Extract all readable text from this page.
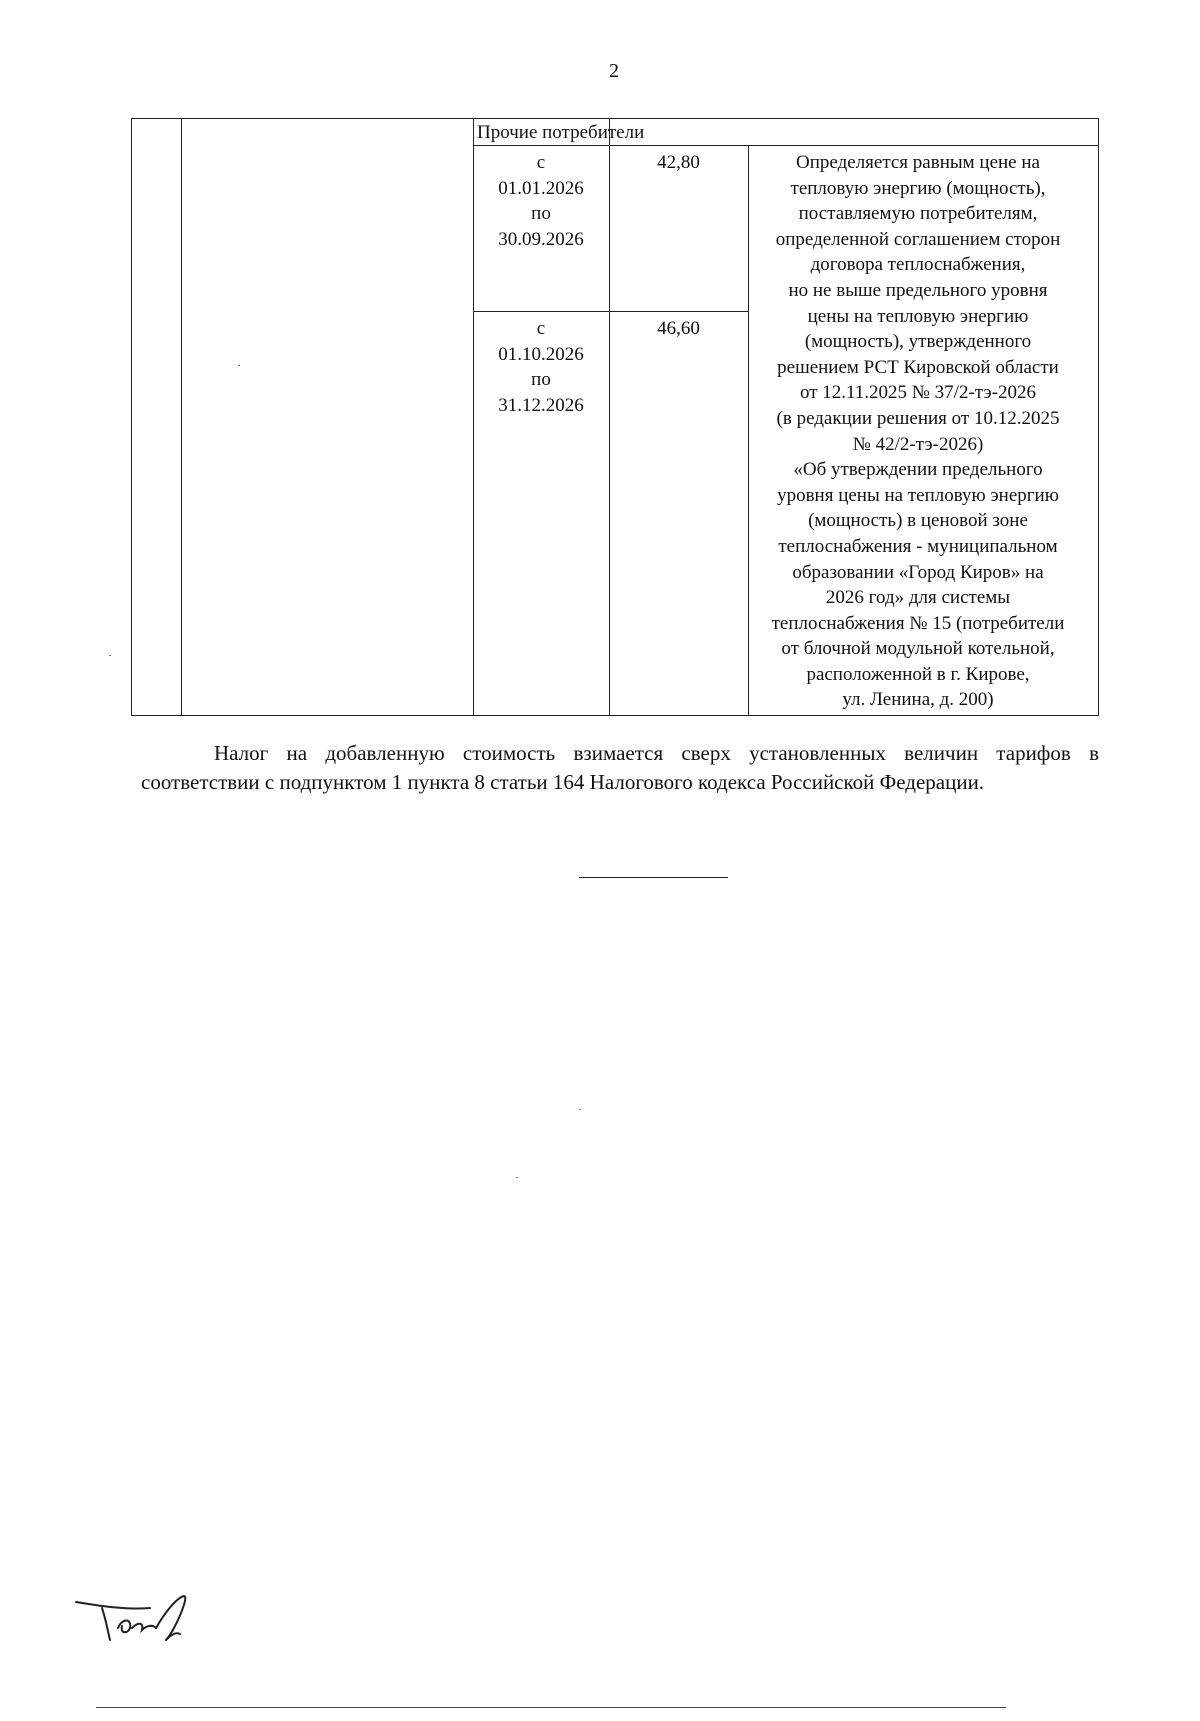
2
Прочие потребители
с
01.01.2026
по
30.09.2026
42,80
с
01.10.2026
по
31.12.2026
46,60
Определяется равным цене на
тепловую энергию (мощность),
поставляемую потребителям,
определенной соглашением сторон
договора теплоснабжения,
но не выше предельного уровня
цены на тепловую энергию
(мощность), утвержденного
решением РСТ Кировской области
от 12.11.2025 № 37/2-тэ-2026
(в редакции решения от 10.12.2025
№ 42/2-тэ-2026)
«Об утверждении предельного
уровня цены на тепловую энергию
(мощность) в ценовой зоне
теплоснабжения - муниципальном
образовании «Город Киров» на
2026 год» для системы
теплоснабжения № 15 (потребители
от блочной модульной котельной,
расположенной в г. Кирове,
ул. Ленина, д. 200)

Налог на добавленную стоимость взимается сверх установленных величин тарифов в соответствии с подпунктом 1 пункта 8 статьи 164 Налогового кодекса Российской Федерации.
